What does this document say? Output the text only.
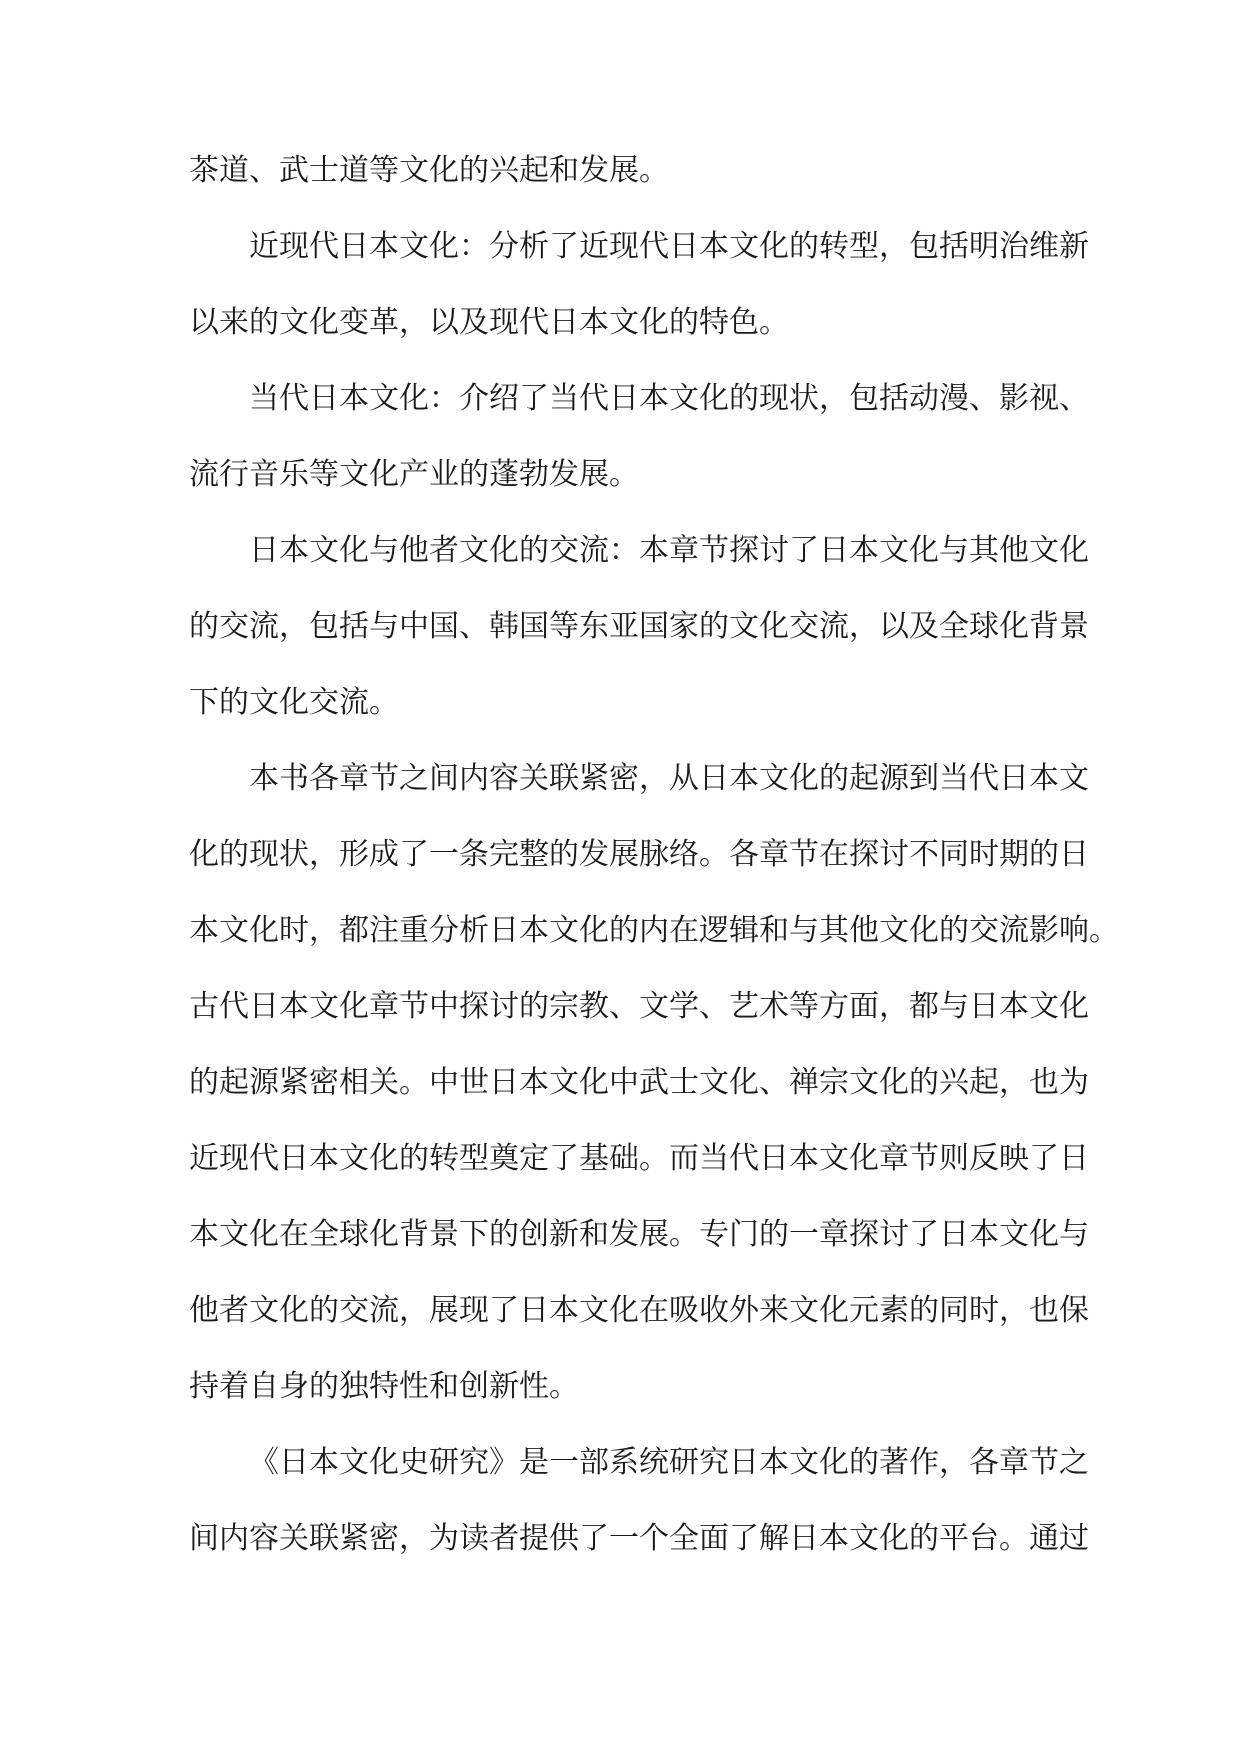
茶道、武士道等文化的兴起和发展。
近现代日本文化：分析了近现代日本文化的转型，包括明治维新
以来的文化变革，以及现代日本文化的特色。
当代日本文化：介绍了当代日本文化的现状，包括动漫、影视、
流行音乐等文化产业的蓬勃发展。
日本文化与他者文化的交流：本章节探讨了日本文化与其他文化
的交流，包括与中国、韩国等东亚国家的文化交流，以及全球化背景
下的文化交流。
本书各章节之间内容关联紧密，从日本文化的起源到当代日本文
化的现状，形成了一条完整的发展脉络。各章节在探讨不同时期的日
本文化时，都注重分析日本文化的内在逻辑和与其他文化的交流影响。
古代日本文化章节中探讨的宗教、文学、艺术等方面，都与日本文化
的起源紧密相关。中世日本文化中武士文化、禅宗文化的兴起，也为
近现代日本文化的转型奠定了基础。而当代日本文化章节则反映了日
本文化在全球化背景下的创新和发展。专门的一章探讨了日本文化与
他者文化的交流，展现了日本文化在吸收外来文化元素的同时，也保
持着自身的独特性和创新性。
《日本文化史研究》是一部系统研究日本文化的著作，各章节之
间内容关联紧密，为读者提供了一个全面了解日本文化的平台。通过
